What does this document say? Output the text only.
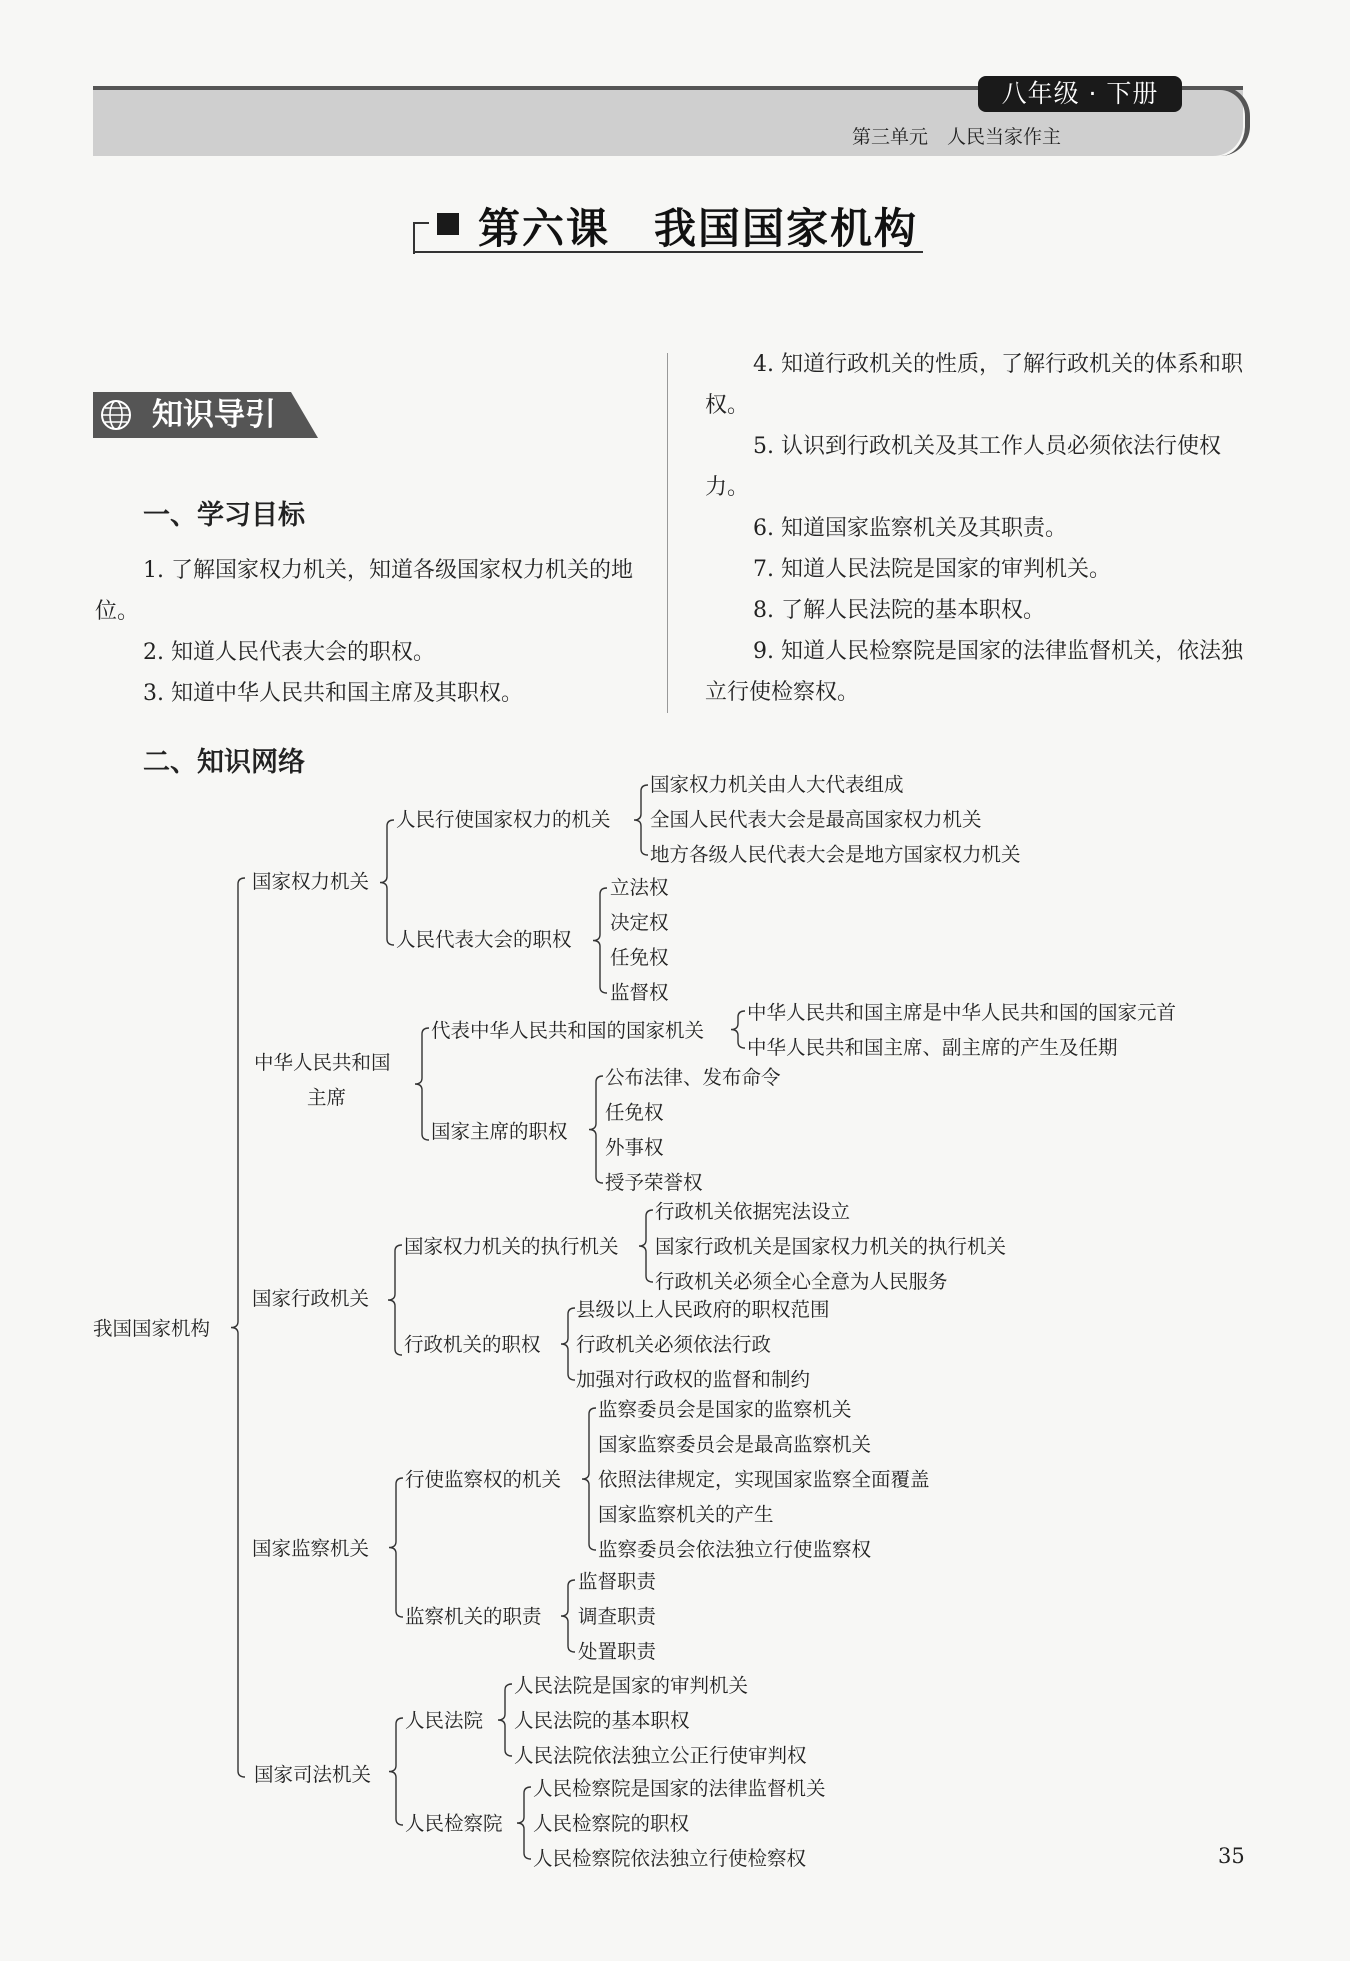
八年级 · 下册
第三单元　人民当家作主
第六课　我国国家机构
知识导引
一、学习目标
1. 了解国家权力机关，知道各级国家权力机关的地位。
2. 知道人民代表大会的职权。
3. 知道中华人民共和国主席及其职权。
4. 知道行政机关的性质，了解行政机关的体系和职权。
5. 认识到行政机关及其工作人员必须依法行使权力。
6. 知道国家监察机关及其职责。
7. 知道人民法院是国家的审判机关。
8. 了解人民法院的基本职权。
9. 知道人民检察院是国家的法律监督机关，依法独立行使检察权。
二、知识网络
我国国家机构
国家权力机关
人民行使国家权力的机关
国家权力机关由人大代表组成
全国人民代表大会是最高国家权力机关
地方各级人民代表大会是地方国家权力机关
人民代表大会的职权
立法权
决定权
任免权
监督权
中华人民共和国
主席
代表中华人民共和国的国家机关
中华人民共和国主席是中华人民共和国的国家元首
中华人民共和国主席、副主席的产生及任期
国家主席的职权
公布法律、发布命令
任免权
外事权
授予荣誉权
国家行政机关
国家权力机关的执行机关
行政机关依据宪法设立
国家行政机关是国家权力机关的执行机关
行政机关必须全心全意为人民服务
行政机关的职权
县级以上人民政府的职权范围
行政机关必须依法行政
加强对行政权的监督和制约
国家监察机关
行使监察权的机关
监察委员会是国家的监察机关
国家监察委员会是最高监察机关
依照法律规定，实现国家监察全面覆盖
国家监察机关的产生
监察委员会依法独立行使监察权
监察机关的职责
监督职责
调查职责
处置职责
国家司法机关
人民法院
人民法院是国家的审判机关
人民法院的基本职权
人民法院依法独立公正行使审判权
人民检察院
人民检察院是国家的法律监督机关
人民检察院的职权
人民检察院依法独立行使检察权	35
